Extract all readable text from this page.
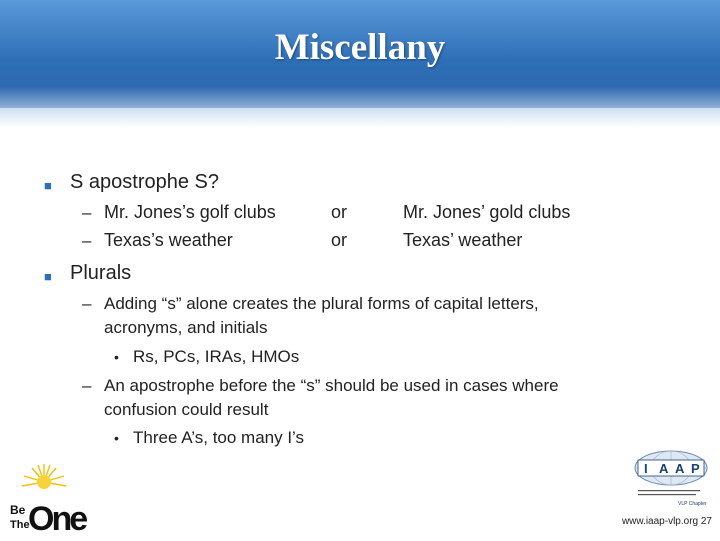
Miscellany
■ S apostrophe S?
– Mr. Jones’s golf clubs	or	Mr. Jones’ gold clubs
– Texas’s weather	or	Texas’ weather
■ Plurals
– Adding “s” alone creates the plural forms of capital letters,
acronyms, and initials
• Rs, PCs, IRAs, HMOs
– An apostrophe before the “s” should be used in cases where
confusion could result
• Three A’s, too many I’s
Be
The
One
I A A P
VLP Chapter
www.iaap-vlp.org 27
